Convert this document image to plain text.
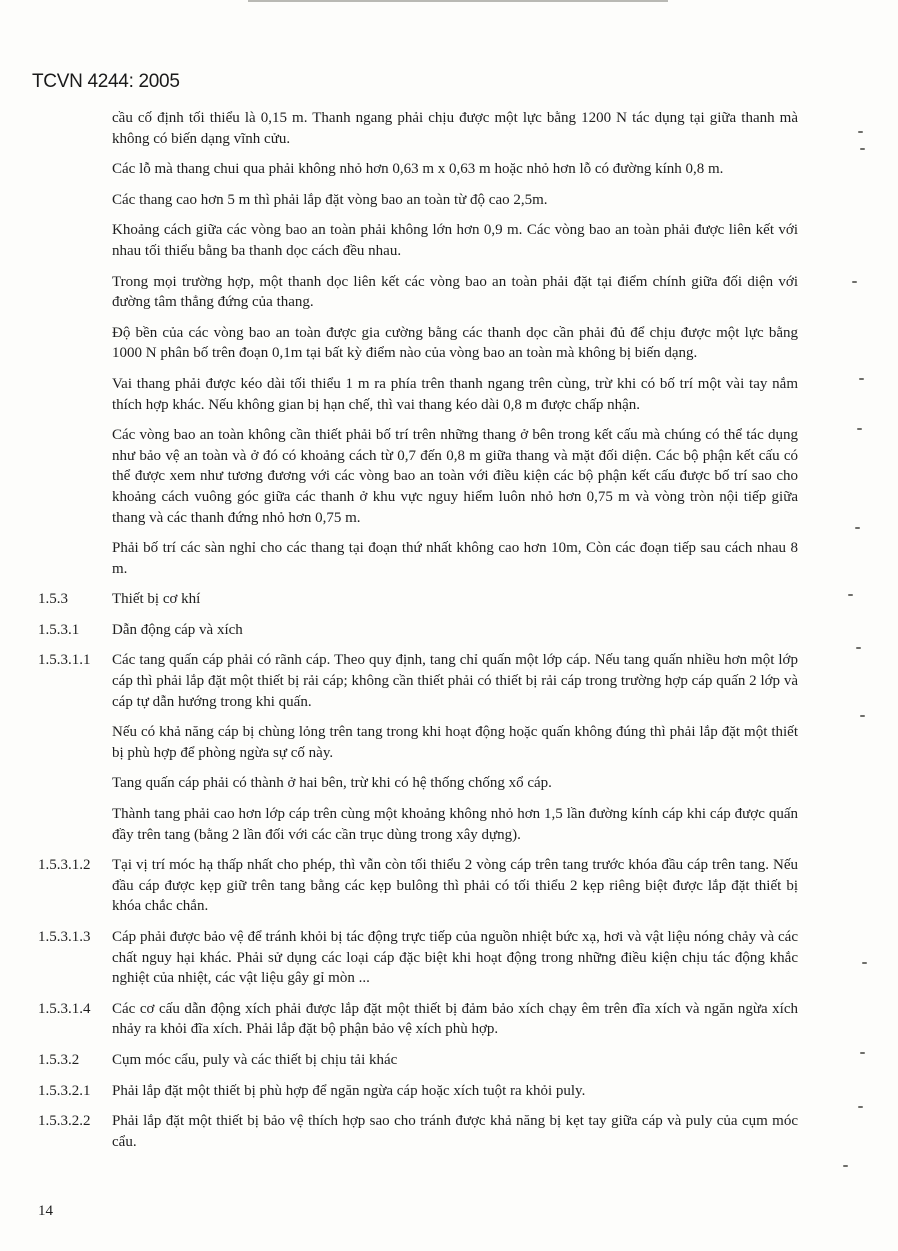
TCVN 4244: 2005
cầu cố định tối thiểu là 0,15 m. Thanh ngang phải chịu được một lực bằng 1200 N tác dụng tại giữa thanh mà không có biến dạng vĩnh cửu.
Các lỗ mà thang chui qua phải không nhỏ hơn 0,63 m x 0,63 m hoặc nhỏ hơn lỗ có đường kính 0,8 m.
Các thang cao hơn 5 m thì phải lắp đặt vòng bao an toàn từ độ cao 2,5m.
Khoảng cách giữa các vòng bao an toàn phải không lớn hơn 0,9 m. Các vòng bao an toàn phải được liên kết với nhau tối thiểu bằng ba thanh dọc cách đều nhau.
Trong mọi trường hợp, một thanh dọc liên kết các vòng bao an toàn phải đặt tại điểm chính giữa đối diện với đường tâm thẳng đứng của thang.
Độ bền của các vòng bao an toàn được gia cường bằng các thanh dọc cần phải đủ để chịu được một lực bằng 1000 N phân bố trên đoạn 0,1m tại bất kỳ điểm nào của vòng bao an toàn mà không bị biến dạng.
Vai thang phải được kéo dài tối thiểu 1 m ra phía trên thanh ngang trên cùng, trừ khi có bố trí một vài tay nắm thích hợp khác. Nếu không gian bị hạn chế, thì vai thang kéo dài 0,8 m được chấp nhận.
Các vòng bao an toàn không cần thiết phải bố trí trên những thang ở bên trong kết cấu mà chúng có thể tác dụng như bảo vệ an toàn và ở đó có khoảng cách từ 0,7 đến 0,8 m giữa thang và mặt đối diện. Các bộ phận kết cấu có thể được xem như tương đương với các vòng bao an toàn với điều kiện các bộ phận kết cấu được bố trí sao cho khoảng cách vuông góc giữa các thanh ở khu vực nguy hiểm luôn nhỏ hơn 0,75 m và vòng tròn nội tiếp giữa thang và các thanh đứng nhỏ hơn 0,75 m.
Phải bố trí các sàn nghỉ cho các thang tại đoạn thứ nhất không cao hơn 10m, Còn các đoạn tiếp sau cách nhau 8 m.
1.5.3	Thiết bị cơ khí
1.5.3.1 Dẫn động cáp và xích
1.5.3.1.1 Các tang quấn cáp phải có rãnh cáp. Theo quy định, tang chỉ quấn một lớp cáp. Nếu tang quấn nhiều hơn một lớp cáp thì phải lắp đặt một thiết bị rải cáp; không cần thiết phải có thiết bị rải cáp trong trường hợp cáp quấn 2 lớp và cáp tự dẫn hướng trong khi quấn.
Nếu có khả năng cáp bị chùng lỏng trên tang trong khi hoạt động hoặc quấn không đúng thì phải lắp đặt một thiết bị phù hợp để phòng ngừa sự cố này.
Tang quấn cáp phải có thành ở hai bên, trừ khi có hệ thống chống xổ cáp.
Thành tang phải cao hơn lớp cáp trên cùng một khoảng không nhỏ hơn 1,5 lần đường kính cáp khi cáp được quấn đầy trên tang (bằng 2 lần đối với các cần trục dùng trong xây dựng).
1.5.3.1.2 Tại vị trí móc hạ thấp nhất cho phép, thì vẫn còn tối thiểu 2 vòng cáp trên tang trước khóa đầu cáp trên tang. Nếu đầu cáp được kẹp giữ trên tang bằng các kẹp bulông thì phải có tối thiểu 2 kẹp riêng biệt được lắp đặt thiết bị khóa chắc chắn.
1.5.3.1.3 Cáp phải được bảo vệ để tránh khỏi bị tác động trực tiếp của nguồn nhiệt bức xạ, hơi và vật liệu nóng chảy và các chất nguy hại khác. Phải sử dụng các loại cáp đặc biệt khi hoạt động trong những điều kiện chịu tác động khắc nghiệt của nhiệt, các vật liệu gây gỉ mòn ...
1.5.3.1.4 Các cơ cấu dẫn động xích phải được lắp đặt một thiết bị đảm bảo xích chạy êm trên đĩa xích và ngăn ngừa xích nhảy ra khỏi đĩa xích. Phải lắp đặt bộ phận bảo vệ xích phù hợp.
1.5.3.2 Cụm móc cẩu, puly và các thiết bị chịu tải khác
1.5.3.2.1 Phải lắp đặt một thiết bị phù hợp để ngăn ngừa cáp hoặc xích tuột ra khỏi puly.
1.5.3.2.2 Phải lắp đặt một thiết bị bảo vệ thích hợp sao cho tránh được khả năng bị kẹt tay giữa cáp và puly của cụm móc cẩu.
14
